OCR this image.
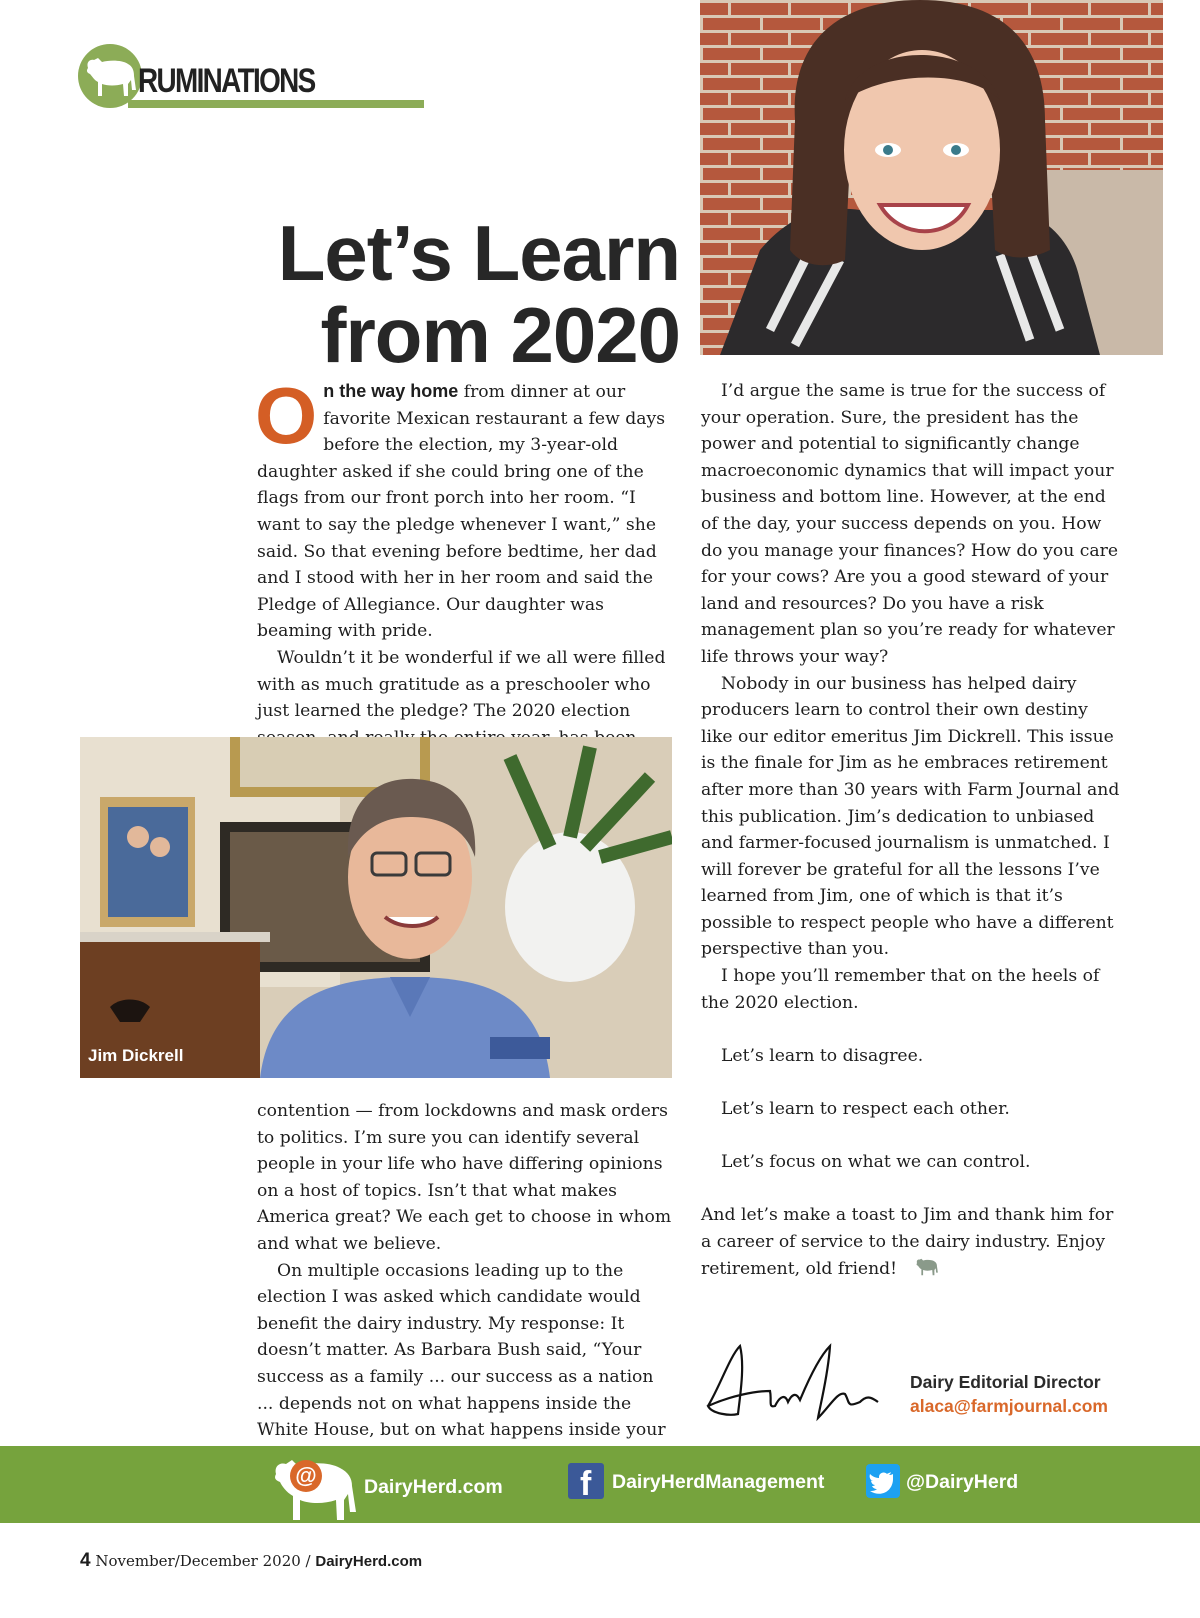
RUMINATIONS
Let’s Learn
from 2020

On the way home from dinner at our favorite Mexican restaurant a few days before the election, my 3-year-old daughter asked if she could bring one of the flags from our front porch into her room. “I want to say the pledge whenever I want,” she said. So that evening before bedtime, her dad and I stood with her in her room and said the Pledge of Allegiance. Our daughter was beaming with pride.

Wouldn’t it be wonderful if we all were filled with as much gratitude as a preschooler who just learned the pledge? The 2020 election

Jim Dickrell

contention — from lockdowns and mask orders to politics. I’m sure you can identify several people in your life who have differing opinions on a host of topics. Isn’t that what makes America great? We each get to choose in whom and what we believe.

On multiple occasions leading up to the election I was asked which candidate would benefit the dairy industry. My response: It doesn’t matter. As Barbara Bush said, “Your success as a family ... our success as a nation ... depends not on what happens inside the White House, but on what happens inside your

I’d argue the same is true for the success of your operation. Sure, the president has the power and potential to significantly change macroeconomic dynamics that will impact your business and bottom line. However, at the end of the day, your success depends on you. How do you manage your finances? How do you care for your cows? Are you a good steward of your land and resources? Do you have a risk management plan so you’re ready for whatever life throws your way?

Nobody in our business has helped dairy producers learn to control their own destiny like our editor emeritus Jim Dickrell. This issue is the finale for Jim as he embraces retirement after more than 30 years with Farm Journal and this publication. Jim’s dedication to unbiased and farmer-focused journalism is unmatched. I will forever be grateful for all the lessons I’ve learned from Jim, one of which is that it’s possible to respect people who have a different perspective than you.

I hope you’ll remember that on the heels of the 2020 election.

Let’s learn to disagree.

Let’s learn to respect each other.

Let’s focus on what we can control.

And let’s make a toast to Jim and thank him for a career of service to the dairy industry. Enjoy retirement, old friend!

Dairy Editorial Director
alaca@farmjournal.com
@ DairyHerd.com f DairyHerdManagement	@DairyHerd
4 November/December 2020 / DairyHerd.com
